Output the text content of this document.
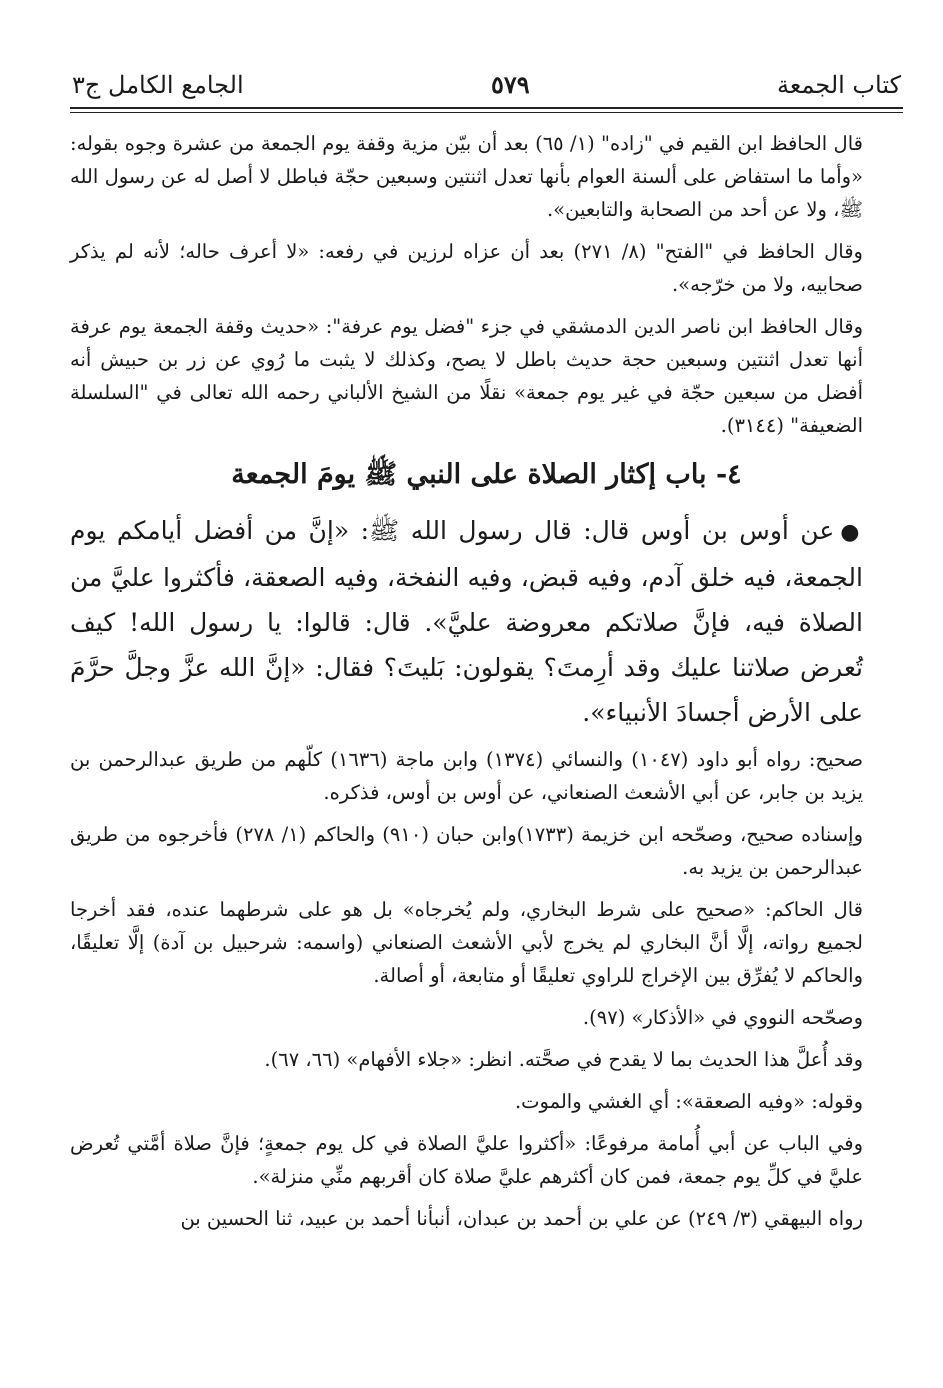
كتاب الجمعة
٥٧٩
الجامع الكامل ج٣

قال الحافظ ابن القيم في "زاده" (١/ ٦٥) بعد أن بيّن مزية وقفة يوم الجمعة من عشرة وجوه بقوله: «وأما ما استفاض على ألسنة العوام بأنها تعدل اثنتين وسبعين حجّة فباطل لا أصل له عن رسول الله ﷺ، ولا عن أحد من الصحابة والتابعين».

وقال الحافظ في "الفتح" (٨/ ٢٧١) بعد أن عزاه لرزين في رفعه: «لا أعرف حاله؛ لأنه لم يذكر صحابيه، ولا من خرّجه».

وقال الحافظ ابن ناصر الدين الدمشقي في جزء "فضل يوم عرفة": «حديث وقفة الجمعة يوم عرفة أنها تعدل اثنتين وسبعين حجة حديث باطل لا يصح، وكذلك لا يثبت ما رُوي عن زر بن حبيش أنه أفضل من سبعين حجّة في غير يوم جمعة» نقلًا من الشيخ الألباني رحمه الله تعالى في "السلسلة الضعيفة" (٣١٤٤).

٤- باب إكثار الصلاة على النبي ﷺ يومَ الجمعة

●عن أوس بن أوس قال: قال رسول الله ﷺ: «إنَّ من أفضل أيامكم يوم الجمعة، فيه خلق آدم، وفيه قبض، وفيه النفخة، وفيه الصعقة، فأكثروا عليَّ من الصلاة فيه، فإنَّ صلاتكم معروضة عليَّ». قال: قالوا: يا رسول الله! كيف تُعرض صلاتنا عليك وقد أرِمتَ؟ يقولون: بَليتَ؟ فقال: «إنَّ الله عزَّ وجلَّ حرَّمَ على الأرض أجسادَ الأنبياء».

صحيح: رواه أبو داود (١٠٤٧) والنسائي (١٣٧٤) وابن ماجة (١٦٣٦) كلّهم من طريق عبدالرحمن بن يزيد بن جابر، عن أبي الأشعث الصنعاني، عن أوس بن أوس، فذكره.

وإسناده صحيح، وصحّحه ابن خزيمة (١٧٣٣)وابن حبان (٩١٠) والحاكم (١/ ٢٧٨) فأخرجوه من طريق عبدالرحمن بن يزيد به.

قال الحاكم: «صحيح على شرط البخاري، ولم يُخرجاه» بل هو على شرطهما عنده، فقد أخرجا لجميع رواته، إلَّا أنَّ البخاري لم يخرج لأبي الأشعث الصنعاني (واسمه: شرحبيل بن آدة) إلَّا تعليقًا، والحاكم لا يُفرِّق بين الإخراج للراوي تعليقًا أو متابعة، أو أصالة.

وصحّحه النووي في «الأذكار» (٩٧).

وقد أُعلَّ هذا الحديث بما لا يقدح في صحَّته. انظر: «جلاء الأفهام» (٦٦، ٦٧).

وقوله: «وفيه الصعقة»: أي الغشي والموت.

وفي الباب عن أبي أُمامة مرفوعًا: «أكثروا عليَّ الصلاة في كل يوم جمعةٍ؛ فإنَّ صلاة أمَّتي تُعرض عليَّ في كلِّ يوم جمعة، فمن كان أكثرهم عليَّ صلاة كان أقربهم منِّي منزلة».

رواه البيهقي (٣/ ٢٤٩) عن علي بن أحمد بن عبدان، أنبأنا أحمد بن عبيد، ثنا الحسين بن
